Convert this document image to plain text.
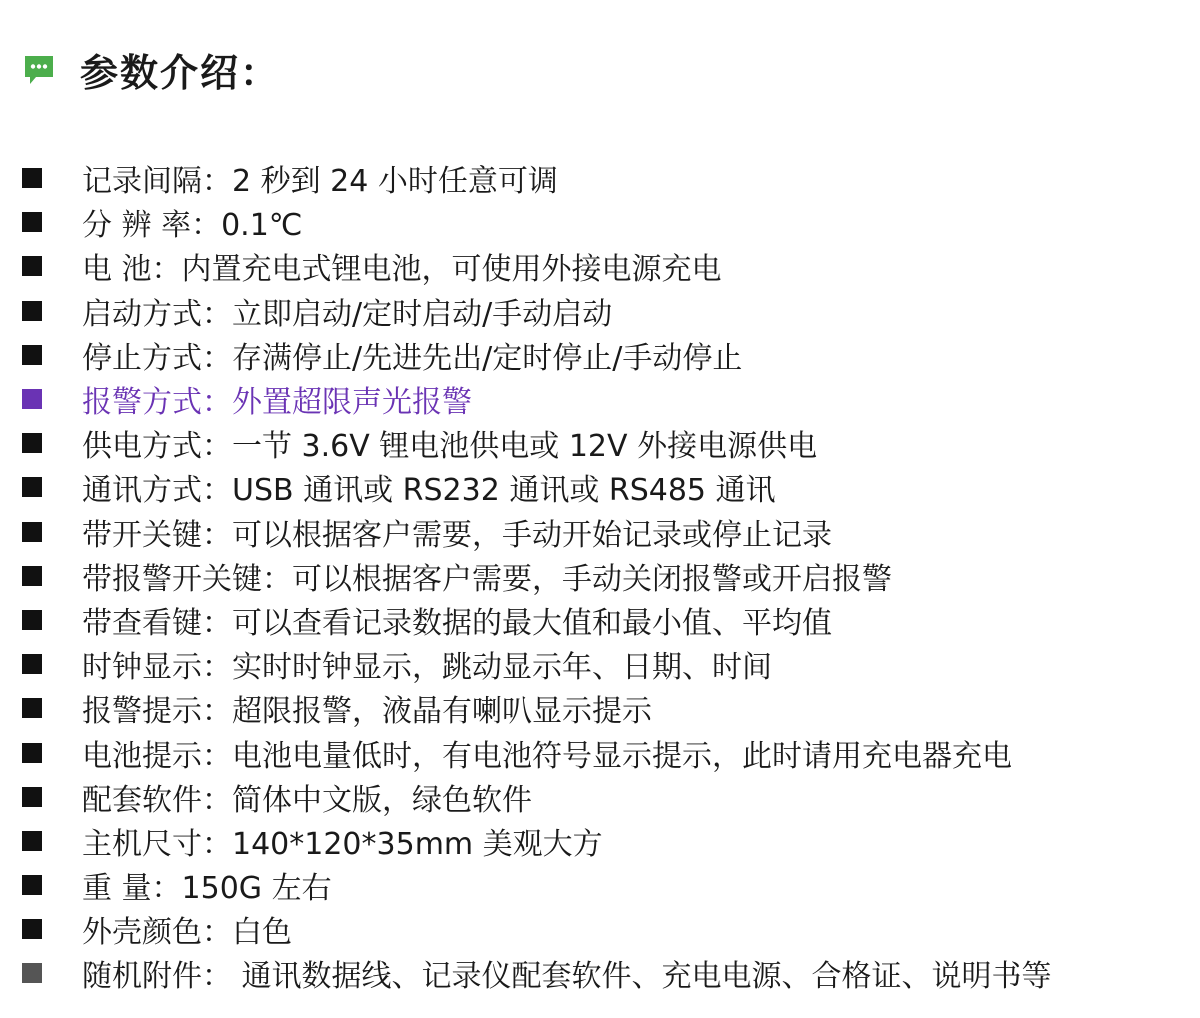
参数介绍：
记录间隔：2 秒到 24 小时任意可调
分 辨 率：0.1℃
电 池：内置充电式锂电池，可使用外接电源充电
启动方式：立即启动/定时启动/手动启动
停止方式：存满停止/先进先出/定时停止/手动停止
报警方式：外置超限声光报警
供电方式：一节 3.6V 锂电池供电或 12V 外接电源供电
通讯方式：USB 通讯或 RS232 通讯或 RS485 通讯
带开关键：可以根据客户需要，手动开始记录或停止记录
带报警开关键：可以根据客户需要，手动关闭报警或开启报警
带查看键：可以查看记录数据的最大值和最小值、平均值
时钟显示：实时时钟显示，跳动显示年、日期、时间
报警提示：超限报警，液晶有喇叭显示提示
电池提示：电池电量低时，有电池符号显示提示，此时请用充电器充电
配套软件：简体中文版，绿色软件
主机尺寸：140*120*35mm 美观大方
重 量：150G 左右
外壳颜色：白色
随机附件： 通讯数据线、记录仪配套软件、充电电源、合格证、说明书等
